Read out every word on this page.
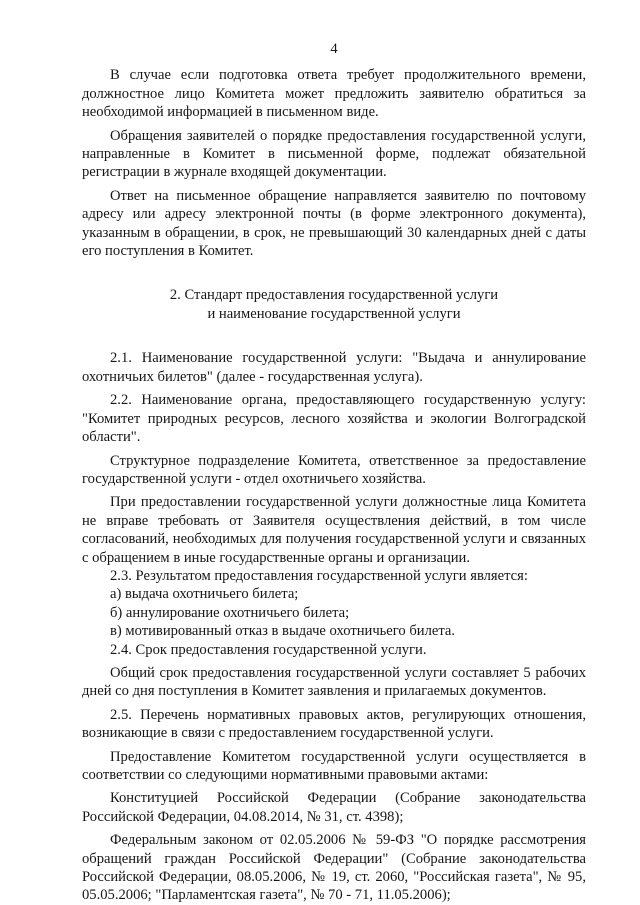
4

В случае если подготовка ответа требует продолжительного времени, должностное лицо Комитета может предложить заявителю обратиться за необходимой информацией в письменном виде.

Обращения заявителей о порядке предоставления государственной услуги, направленные в Комитет в письменной форме, подлежат обязательной регистрации в журнале входящей документации.

Ответ на письменное обращение направляется заявителю по почтовому адресу или адресу электронной почты (в форме электронного документа), указанным в обращении, в срок, не превышающий 30 календарных дней с даты его поступления в Комитет.

2. Стандарт предоставления государственной услуги
и наименование государственной услуги

2.1. Наименование государственной услуги: "Выдача и аннулирование охотничьих билетов" (далее - государственная услуга).

2.2. Наименование органа, предоставляющего государственную услугу: "Комитет природных ресурсов, лесного хозяйства и экологии Волгоградской области".

Структурное подразделение Комитета, ответственное за предоставление государственной услуги - отдел охотничьего хозяйства.

При предоставлении государственной услуги должностные лица Комитета не вправе требовать от Заявителя осуществления действий, в том числе согласований, необходимых для получения государственной услуги и связанных с обращением в иные государственные органы и организации.

2.3. Результатом предоставления государственной услуги является:

а) выдача охотничьего билета;

б) аннулирование охотничьего билета;

в) мотивированный отказ в выдаче охотничьего билета.

2.4. Срок предоставления государственной услуги.

Общий срок предоставления государственной услуги составляет 5 рабочих дней со дня поступления в Комитет заявления и прилагаемых документов.

2.5. Перечень нормативных правовых актов, регулирующих отношения, возникающие в связи с предоставлением государственной услуги.

Предоставление Комитетом государственной услуги осуществляется в соответствии со следующими нормативными правовыми актами:

Конституцией Российской Федерации (Собрание законодательства Российской Федерации, 04.08.2014, № 31, ст. 4398);

Федеральным законом от 02.05.2006 № 59-ФЗ "О порядке рассмотрения обращений граждан Российской Федерации" (Собрание законодательства Российской Федерации, 08.05.2006, № 19, ст. 2060, "Российская газета", № 95, 05.05.2006; "Парламентская газета", № 70 - 71, 11.05.2006);
